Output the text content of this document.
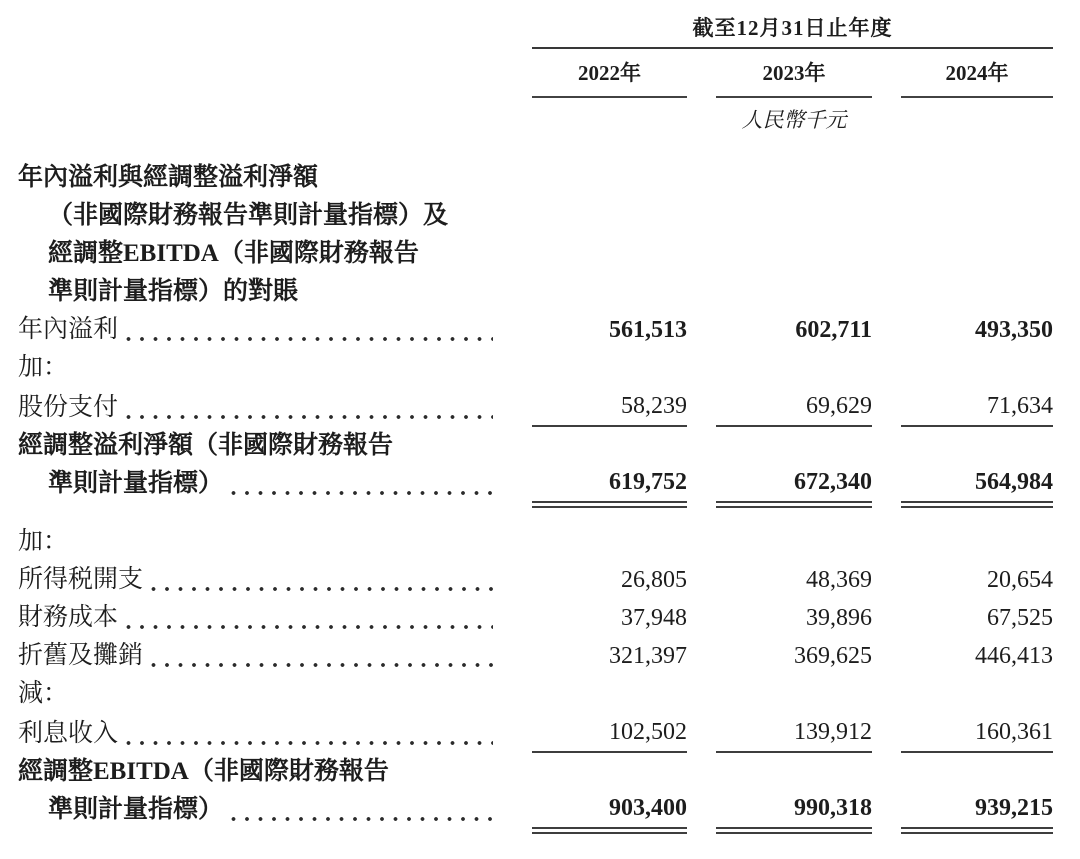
截至12月31日止年度
2022年	2023年	2024年
人民幣千元
年內溢利與經調整溢利淨額
（非國際財務報告準則計量指標）及
經調整EBITDA（非國際財務報告
準則計量指標）的對賬
年內溢利	561,513	602,711	493,350
加：
股份支付	58,239	69,629	71,634
經調整溢利淨額（非國際財務報告
準則計量指標）	619,752	672,340	564,984
加：
所得税開支	26,805	48,369	20,654
財務成本	37,948	39,896	67,525
折舊及攤銷	321,397	369,625	446,413
減：
利息收入	102,502	139,912	160,361
經調整EBITDA（非國際財務報告
準則計量指標）	903,400	990,318	939,215
